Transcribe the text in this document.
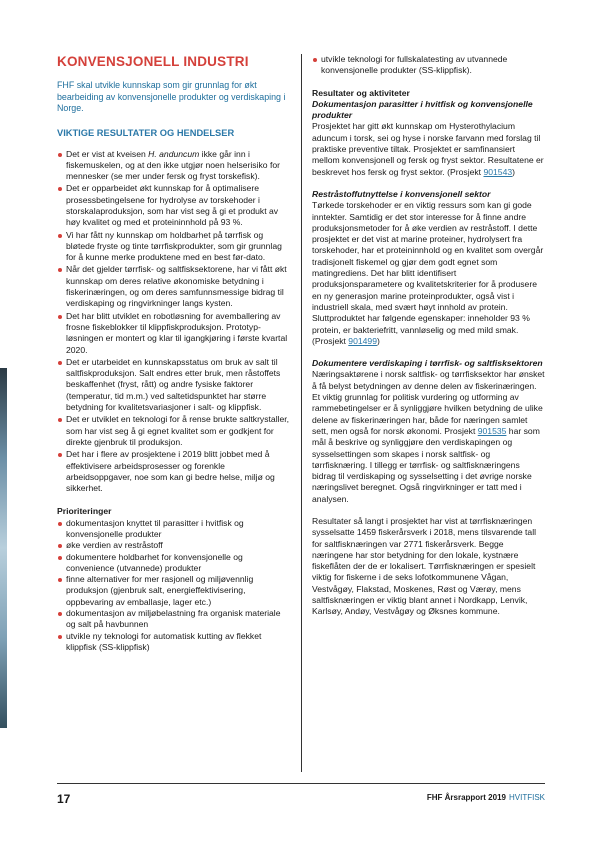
KONVENSJONELL INDUSTRI

FHF skal utvikle kunnskap som gir grunnlag for økt bearbeiding av konvensjonelle produkter og verdiskaping i Norge.

VIKTIGE RESULTATER OG HENDELSER
Det er vist at kveisen H. anduncum ikke går inn i fiskemuskelen, og at den ikke utgjør noen helserisiko for mennesker (se mer under fersk og fryst torskefisk).
Det er opparbeidet økt kunnskap for å optimalisere prosessbetingelsene for hydrolyse av torskehoder i storskalaproduksjon, som har vist seg å gi et produkt av høy kvalitet og med et proteininnhold på 93 %.
Vi har fått ny kunnskap om holdbarhet på tørrfisk og bløtede fryste og tinte tørrfiskprodukter, som gir grunnlag for å kunne merke produktene med en best før-dato.
Når det gjelder tørrfisk- og saltfisksektorene, har vi fått økt kunnskap om deres relative økonomiske betydning i fiskerinæringen, og om deres samfunnsmessige bidrag til verdiskaping og ringvirkninger langs kysten.
Det har blitt utviklet en robotløsning for avemballering av frosne fiskeblokker til klippfiskproduksjon. Prototyp-løsningen er montert og klar til igangkjøring i første kvartal 2020.
Det er utarbeidet en kunnskapsstatus om bruk av salt til saltfiskproduksjon. Salt endres etter bruk, men råstoffets beskaffenhet (fryst, rått) og andre fysiske faktorer (temperatur, tid m.m.) ved saltetidspunktet har større betydning for kvalitetsvariasjoner i salt- og klippfisk.
Det er utviklet en teknologi for å rense brukte saltkrystaller, som har vist seg å gi egnet kvalitet som er godkjent for direkte gjenbruk til produksjon.
Det har i flere av prosjektene i 2019 blitt jobbet med å effektivisere arbeidsprosesser og forenkle arbeidsoppgaver, noe som kan gi bedre helse, miljø og sikkerhet.
Prioriteringer
dokumentasjon knyttet til parasitter i hvitfisk og konvensjonelle produkter
øke verdien av restråstoff
dokumentere holdbarhet for konvensjonelle og convenience (utvannede) produkter
finne alternativer for mer rasjonell og miljøvennlig produksjon (gjenbruk salt, energieffektivisering, oppbevaring av emballasje, lager etc.)
dokumentasjon av miljøbelastning fra organisk materiale og salt på havbunnen
utvikle ny teknologi for automatisk kutting av flekket klippfisk (SS-klippfisk)
utvikle teknologi for fullskalatesting av utvannede konvensjonelle produkter (SS-klippfisk).
Resultater og aktiviteter
Dokumentasjon parasitter i hvitfisk og konvensjonelle produkter

Prosjektet har gitt økt kunnskap om Hysterothylacium aduncum i torsk, sei og hyse i norske farvann med forslag til praktiske preventive tiltak. Prosjektet er samfinansiert mellom konvensjonell og fersk og fryst sektor. Resultatene er beskrevet hos fersk og fryst sektor. (Prosjekt 901543)

Restråstoffutnyttelse i konvensjonell sektor

Tørkede torskehoder er en viktig ressurs som kan gi gode inntekter. Samtidig er det stor interesse for å finne andre produksjonsmetoder for å øke verdien av restråstoff. I dette prosjektet er det vist at marine proteiner, hydrolysert fra torskehoder, har et proteininnhold og en kvalitet som overgår tradisjonelt fiskemel og gjør dem godt egnet som matingrediens. Det har blitt identifisert produksjonsparametere og kvalitetskriterier for å produsere en ny generasjon marine proteinprodukter, også vist i industriell skala, med svært høyt innhold av protein. Sluttproduktet har følgende egenskaper: inneholder 93 % protein, er bakteriefritt, vannløselig og med mild smak. (Prosjekt 901499)

Dokumentere verdiskaping i tørrfisk- og saltfisksektoren

Næringsaktørene i norsk saltfisk- og tørrfisksektor har ønsket å få belyst betydningen av denne delen av fiskerinæringen. Et viktig grunnlag for politisk vurdering og utforming av rammebetingelser er å synliggjøre hvilken betydning de ulike delene av fiskerinæringen har, både for næringen samlet sett, men også for norsk økonomi. Prosjekt 901535 har som mål å beskrive og synliggjøre den verdiskapingen og sysselsettingen som skapes i norsk saltfisk- og tørrfisknæring. I tillegg er tørrfisk- og saltfisknæringens bidrag til verdiskaping og sysselsetting i det øvrige norske næringslivet beregnet. Også ringvirkninger er tatt med i analysen.

Resultater så langt i prosjektet har vist at tørrfisknæringen sysselsatte 1459 fiskerårsverk i 2018, mens tilsvarende tall for saltfisknæringen var 2771 fiskerårsverk. Begge næringene har stor betydning for den lokale, kystnære fiskeflåten der de er lokalisert. Tørrfisknæringen er spesielt viktig for fiskerne i de seks lofotkommunene Vågan, Vestvågøy, Flakstad, Moskenes, Røst og Værøy, mens saltfisknæringen er viktig blant annet i Nordkapp, Lenvik, Karlsøy, Andøy, Vestvågøy og Øksnes kommune.

17	FHF Årsrapport 2019 HVITFISK
